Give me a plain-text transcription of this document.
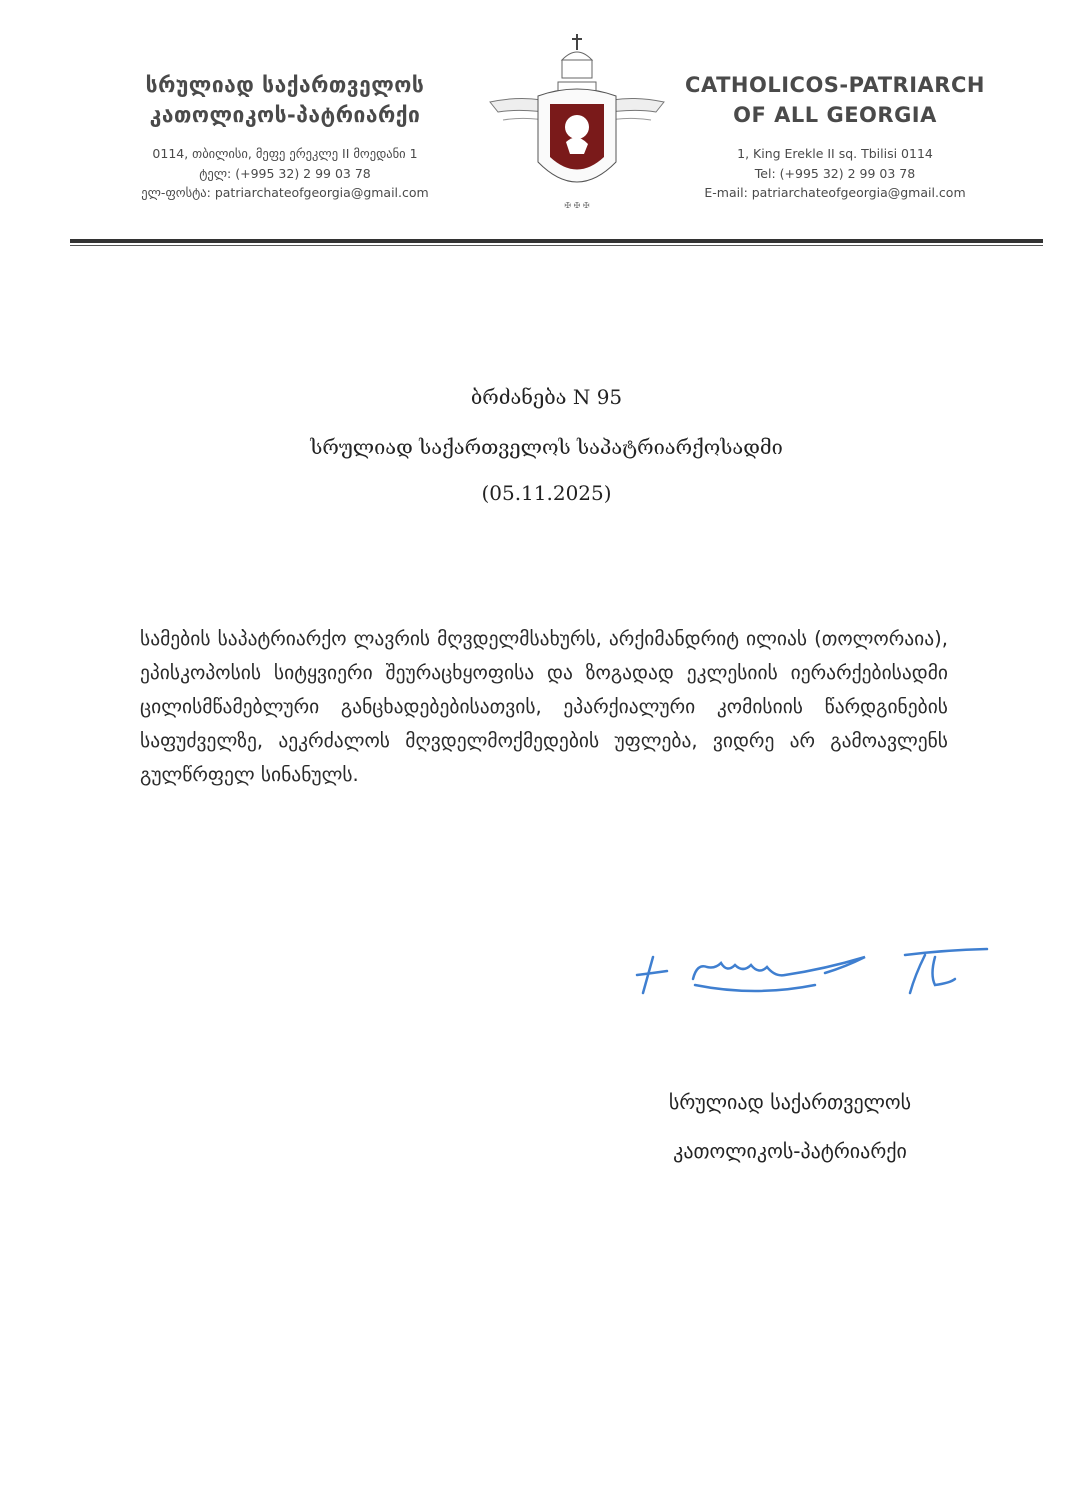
სრულიად საქართველოს
კათოლიკოს-პატრიარქი
0114, თბილისი, მეფე ერეკლე II მოედანი 1
ტელ: (+995 32) 2 99 03 78
ელ-ფოსტა: patriarchateofgeorgia@gmail.com
✠ ✠ ✠
CATHOLICOS-PATRIARCH
OF ALL GEORGIA
1, King Erekle II sq. Tbilisi 0114
Tel: (+995 32) 2 99 03 78
E-mail: patriarchateofgeorgia@gmail.com
ბრძანება N 95
სრულიად საქართველოს საპატრიარქოსადმი
(05.11.2025)
სამების საპატრიარქო ლავრის მღვდელმსახურს, არქიმანდრიტ ილიას (თოლორაია), ეპისკოპოსის სიტყვიერი შეურაცხყოფისა და ზოგადად ეკლესიის იერარქებისადმი ცილისმწამებლური განცხადებებისათვის, ეპარქიალური კომისიის წარდგინების საფუძველზე, აეკრძალოს მღვდელმოქმედების უფლება, ვიდრე არ გამოავლენს გულწრფელ სინანულს.
სრულიად საქართველოს
კათოლიკოს-პატრიარქი
